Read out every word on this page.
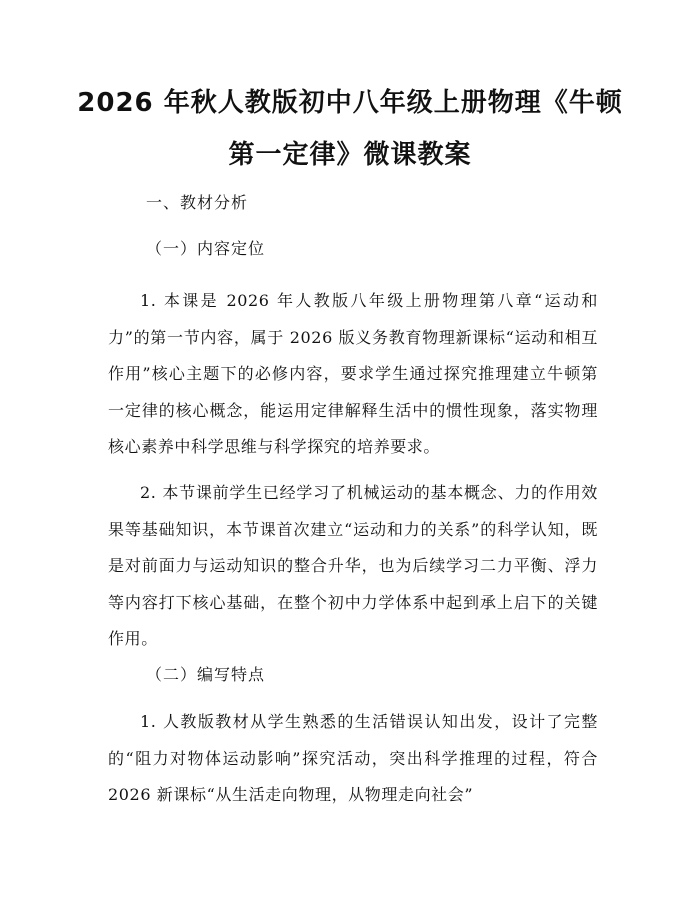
2026 年秋人教版初中八年级上册物理《牛顿
第一定律》微课教案
一、教材分析
（一）内容定位

1. 本课是 2026 年人教版八年级上册物理第八章“运动和力”的第一节内容，属于 2026 版义务教育物理新课标“运动和相互作用”核心主题下的必修内容，要求学生通过探究推理建立牛顿第一定律的核心概念，能运用定律解释生活中的惯性现象，落实物理核心素养中科学思维与科学探究的培养要求。

2. 本节课前学生已经学习了机械运动的基本概念、力的作用效果等基础知识，本节课首次建立“运动和力的关系”的科学认知，既是对前面力与运动知识的整合升华，也为后续学习二力平衡、浮力等内容打下核心基础，在整个初中力学体系中起到承上启下的关键作用。

（二）编写特点

1. 人教版教材从学生熟悉的生活错误认知出发，设计了完整的“阻力对物体运动影响”探究活动，突出科学推理的过程，符合 2026 新课标“从生活走向物理，从物理走向社会”
